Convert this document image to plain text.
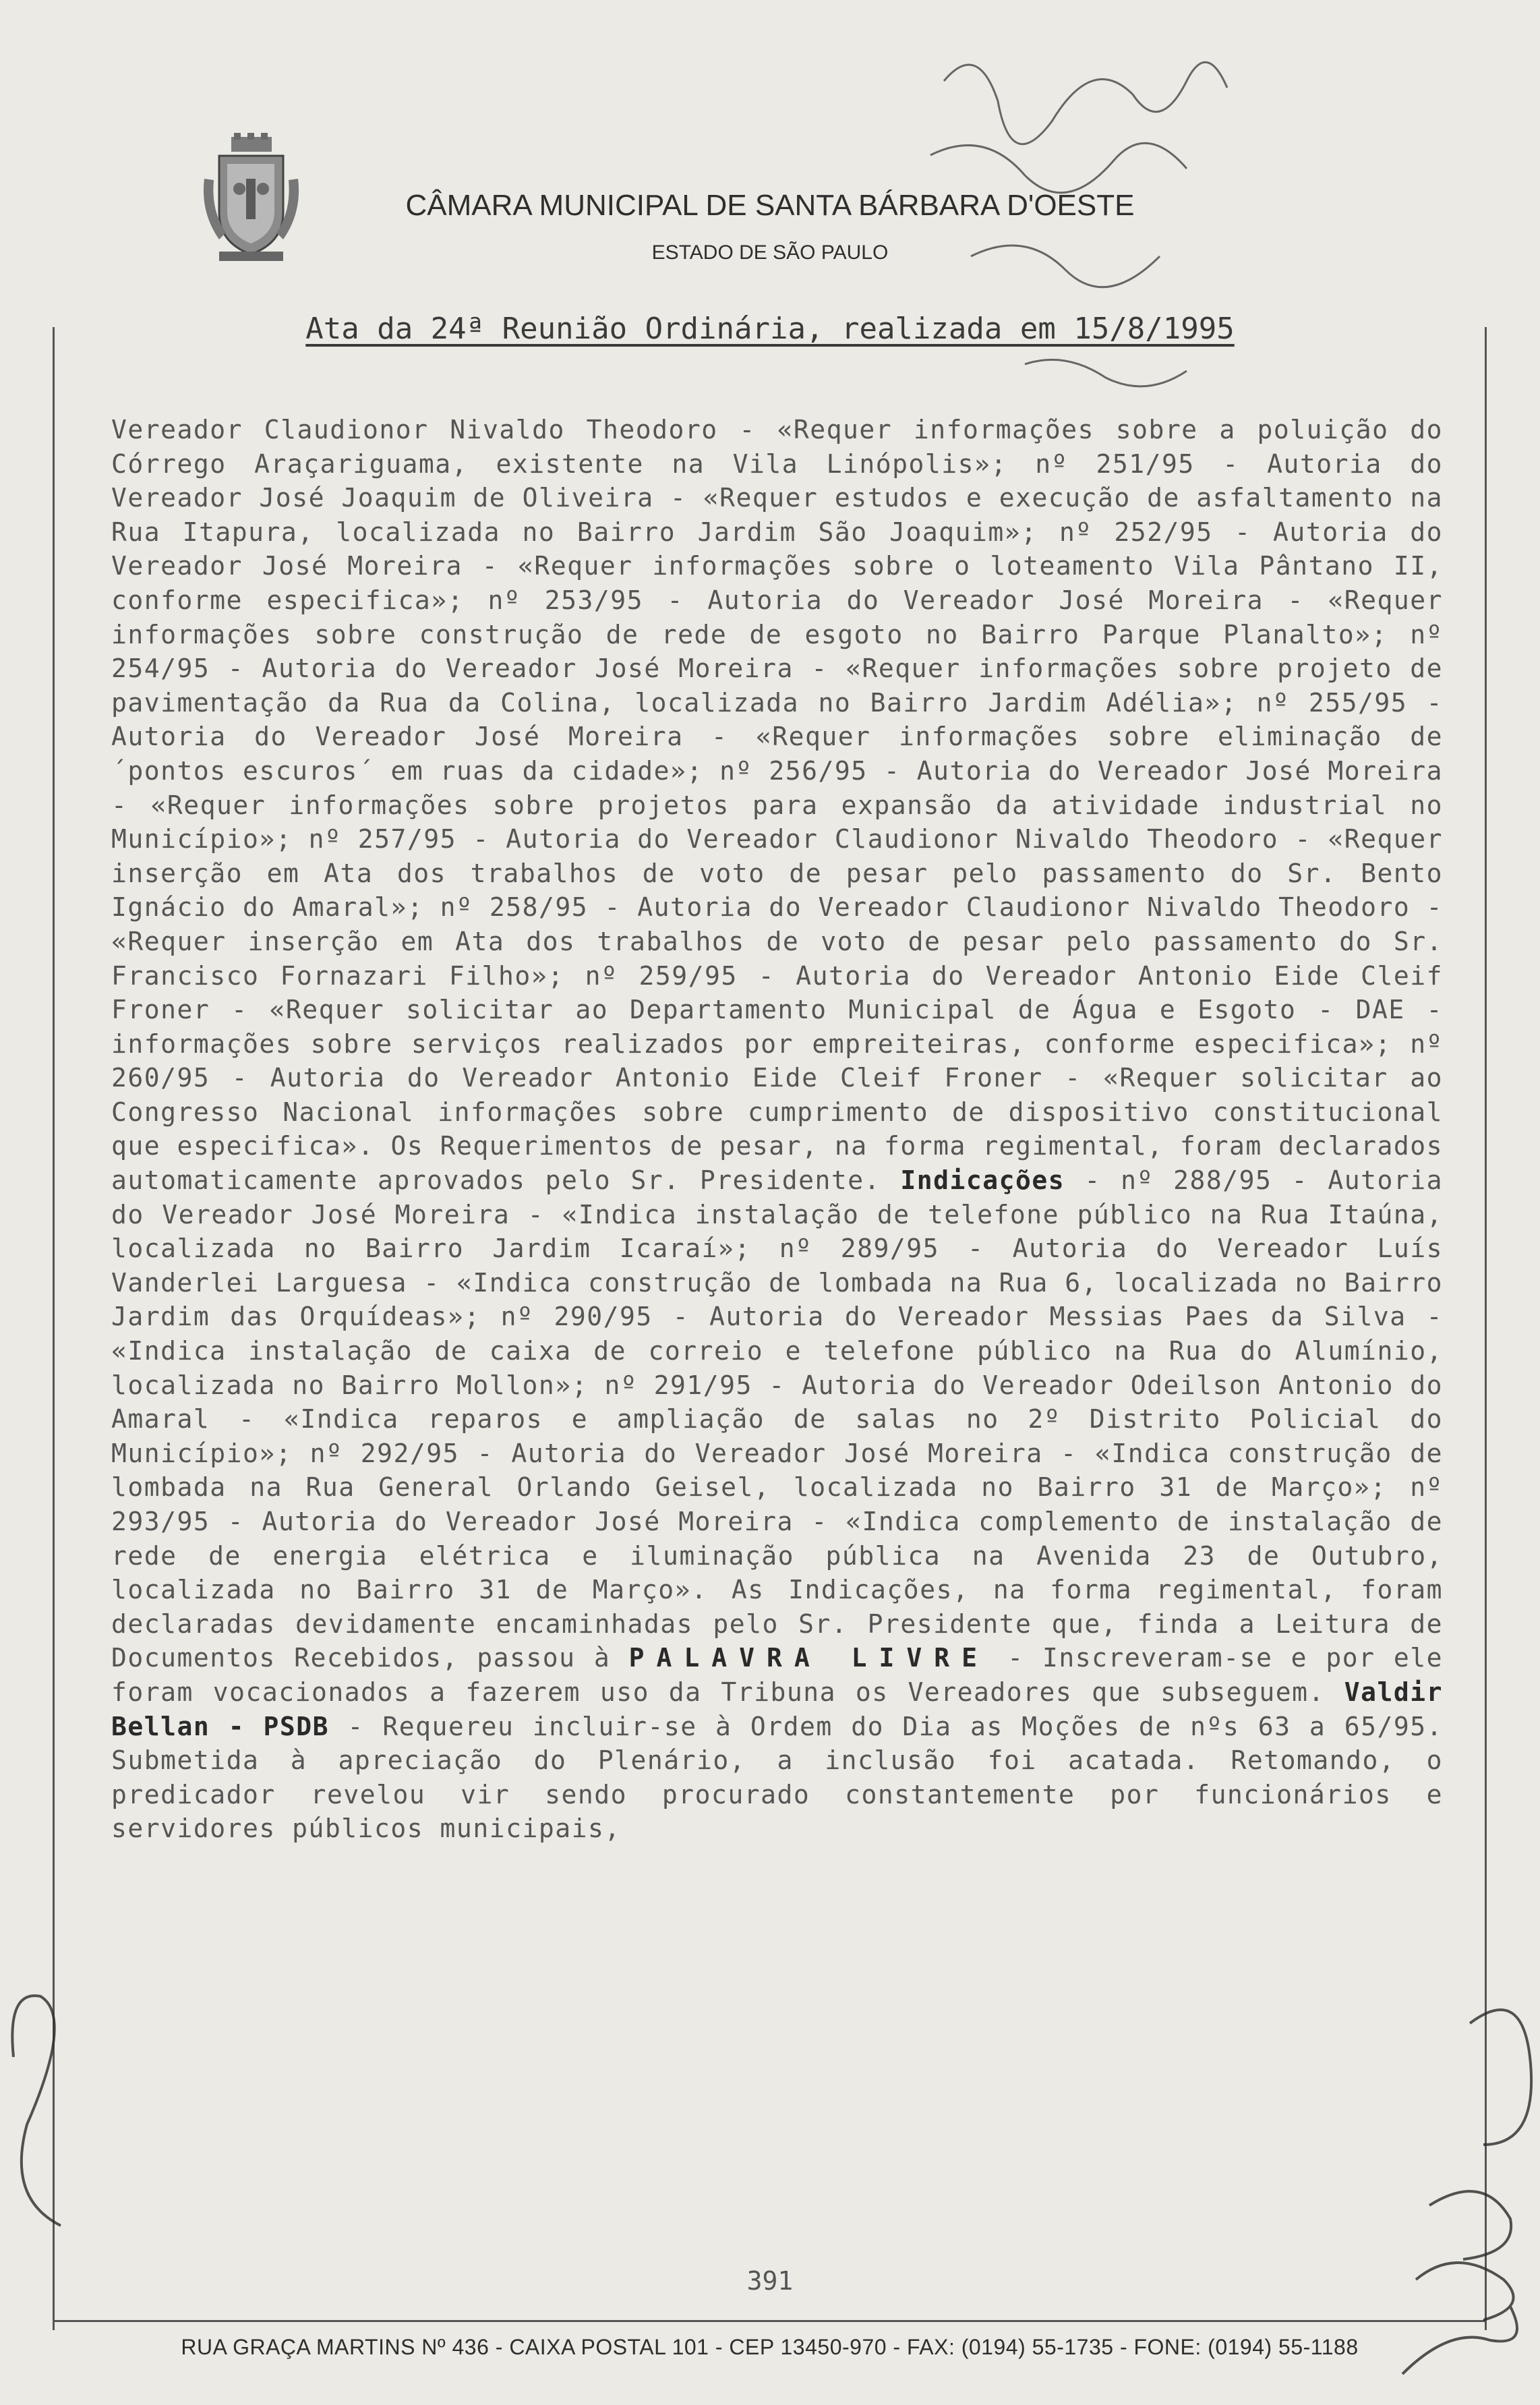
CÂMARA MUNICIPAL DE SANTA BÁRBARA D'OESTE
ESTADO DE SÃO PAULO
Ata da 24ª Reunião Ordinária, realizada em 15/8/1995
Vereador Claudionor Nivaldo Theodoro - «Requer informações sobre a poluição do Córrego Araçariguama, existente na Vila Linópolis»; nº 251/95 - Autoria do Vereador José Joaquim de Oliveira - «Requer estudos e execução de asfaltamento na Rua Itapura, localizada no Bairro Jardim São Joaquim»; nº 252/95 - Autoria do Vereador José Moreira - «Requer informações sobre o loteamento Vila Pântano II, conforme especifica»; nº 253/95 - Autoria do Vereador José Moreira - «Requer informações sobre construção de rede de esgoto no Bairro Parque Planalto»; nº 254/95 - Autoria do Vereador José Moreira - «Requer informações sobre projeto de pavimentação da Rua da Colina, localizada no Bairro Jardim Adélia»; nº 255/95 - Autoria do Vereador José Moreira - «Requer informações sobre eliminação de ´pontos escuros´ em ruas da cidade»; nº 256/95 - Autoria do Vereador José Moreira - «Requer informações sobre projetos para expansão da atividade industrial no Município»; nº 257/95 - Autoria do Vereador Claudionor Nivaldo Theodoro - «Requer inserção em Ata dos trabalhos de voto de pesar pelo passamento do Sr. Bento Ignácio do Amaral»; nº 258/95 - Autoria do Vereador Claudionor Nivaldo Theodoro - «Requer inserção em Ata dos trabalhos de voto de pesar pelo passamento do Sr. Francisco Fornazari Filho»; nº 259/95 - Autoria do Vereador Antonio Eide Cleif Froner - «Requer solicitar ao Departamento Municipal de Água e Esgoto - DAE - informações sobre serviços realizados por empreiteiras, conforme especifica»; nº 260/95 - Autoria do Vereador Antonio Eide Cleif Froner - «Requer solicitar ao Congresso Nacional informações sobre cumprimento de dispositivo constitucional que especifica». Os Requerimentos de pesar, na forma regimental, foram declarados automaticamente aprovados pelo Sr. Presidente. Indicações - nº 288/95 - Autoria do Vereador José Moreira - «Indica instalação de telefone público na Rua Itaúna, localizada no Bairro Jardim Icaraí»; nº 289/95 - Autoria do Vereador Luís Vanderlei Larguesa - «Indica construção de lombada na Rua 6, localizada no Bairro Jardim das Orquídeas»; nº 290/95 - Autoria do Vereador Messias Paes da Silva - «Indica instalação de caixa de correio e telefone público na Rua do Alumínio, localizada no Bairro Mollon»; nº 291/95 - Autoria do Vereador Odeilson Antonio do Amaral - «Indica reparos e ampliação de salas no 2º Distrito Policial do Município»; nº 292/95 - Autoria do Vereador José Moreira - «Indica construção de lombada na Rua General Orlando Geisel, localizada no Bairro 31 de Março»; nº 293/95 - Autoria do Vereador José Moreira - «Indica complemento de instalação de rede de energia elétrica e iluminação pública na Avenida 23 de Outubro, localizada no Bairro 31 de Março». As Indicações, na forma regimental, foram declaradas devidamente encaminhadas pelo Sr. Presidente que, finda a Leitura de Documentos Recebidos, passou à PALAVRA LIVRE - Inscreveram-se e por ele foram vocacionados a fazerem uso da Tribuna os Vereadores que subseguem. Valdir Bellan - PSDB - Requereu incluir-se à Ordem do Dia as Moções de nºs 63 a 65/95. Submetida à apreciação do Plenário, a inclusão foi acatada. Retomando, o predicador revelou vir sendo procurado constantemente por funcionários e servidores públicos municipais,
391
RUA GRAÇA MARTINS Nº 436 - CAIXA POSTAL 101 - CEP 13450-970 - FAX: (0194) 55-1735 - FONE: (0194) 55-1188
